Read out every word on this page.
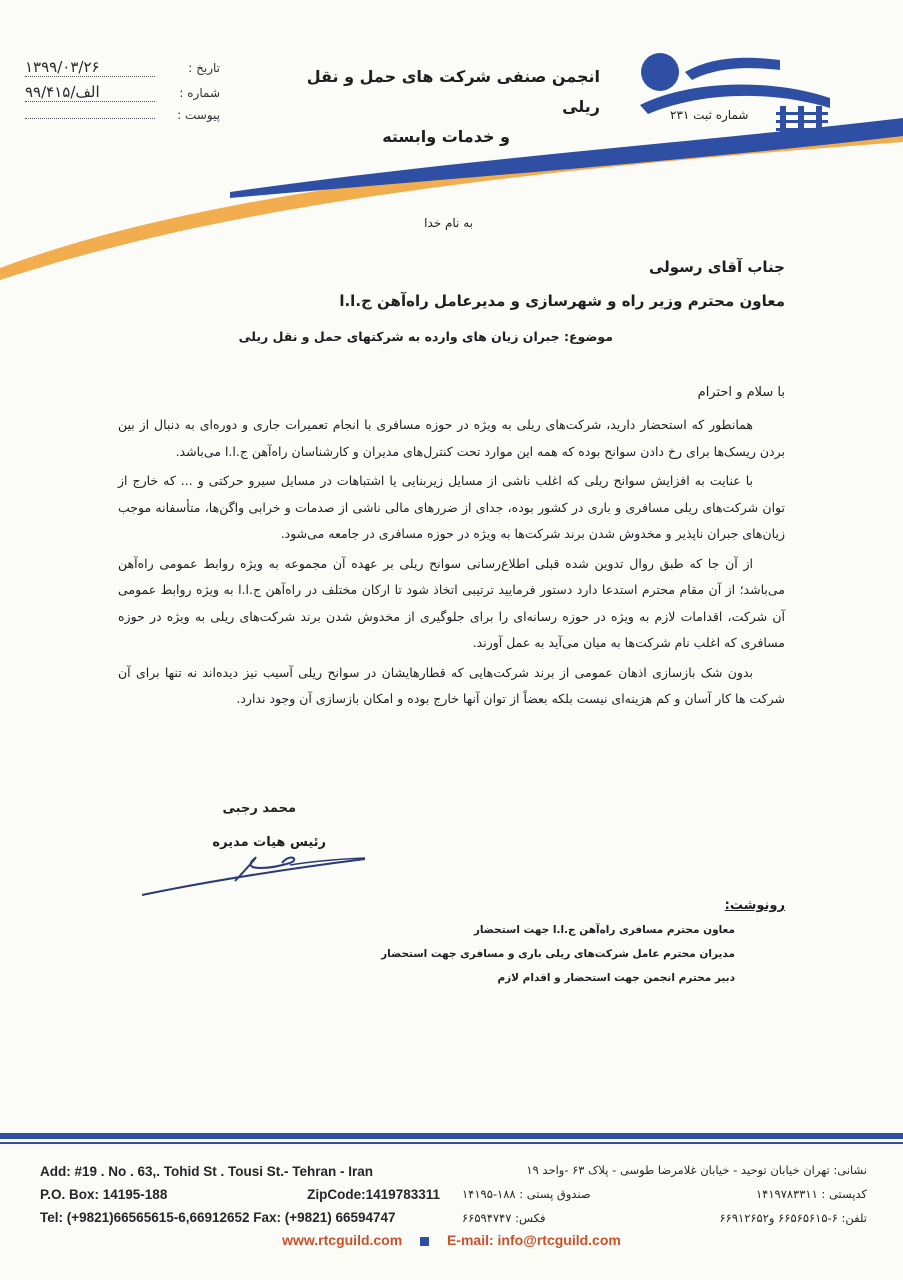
شماره ثبت ۲۳۱
انجمن صنفی شرکت های حمل و نقل ریلی
و خدمات وابسته
تاریخ :
۱۳۹۹/۰۳/۲۶
شماره :
۹۹/۴۱۵/الف
پیوست :
به نام خدا
جناب آقای رسولی
معاون محترم وزیر راه و شهرسازی و مدیرعامل راه‌آهن ج.ا.ا
موضوع: جبران زیان های وارده به شرکتهای حمل و نقل ریلی
با سلام و احترام

همانطور که استحضار دارید، شرکت‌های ریلی به ویژه در حوزه مسافری با انجام تعمیرات جاری و دوره‌ای به دنبال از بین بردن ریسک‌ها برای رخ دادن سوانح بوده که همه این موارد تحت کنترل‌های مدیران و کارشناسان راه‌آهن ج.ا.ا می‌باشد.

با عنایت به افزایش سوانح ریلی که اغلب ناشی از مسایل زیربنایی یا اشتباهات در مسایل سیرو حرکتی و ... که خارج از توان شرکت‌های ریلی مسافری و باری در کشور بوده، جدای از ضررهای مالی ناشی از صدمات و خرابی واگن‌ها، متأسفانه موجب زیان‌های جبران ناپذیر و مخدوش شدن برند شرکت‌ها به ویژه در حوزه مسافری در جامعه می‌شود.

از آن جا که طبق روال تدوین شده قبلی اطلاع‌رسانی سوانح ریلی بر عهده آن مجموعه به ویژه روابط عمومی راه‌آهن می‌باشد؛ از آن مقام محترم استدعا دارد دستور فرمایید ترتیبی اتخاذ شود تا ارکان مختلف در راه‌آهن ج.ا.ا به ویژه روابط عمومی آن شرکت، اقدامات لازم به ویژه در حوزه رسانه‌ای را برای جلوگیری از مخدوش شدن برند شرکت‌های ریلی به ویژه در حوزه مسافری که اغلب نام شرکت‌ها به میان می‌آید به عمل آورند.

بدون شک بازسازی اذهان عمومی از برند شرکت‌هایی که قطارهایشان در سوانح ریلی آسیب نیز دیده‌اند نه تنها برای آن شرکت ها کار آسان و کم هزینه‌ای نیست بلکه بعضاً از توان آنها خارج بوده و امکان بازسازی آن وجود ندارد.

محمد رجبی
رئیس هیات مدیره
رونوشت:
معاون محترم مسافری راه‌آهن ج.ا.ا جهت استحضار
مدیران محترم عامل شرکت‌های ریلی باری و مسافری جهت استحضار
دبیر محترم انجمن جهت استحضار و اقدام لازم
Add: #19 . No . 63,. Tohid St . Tousi St.- Tehran - Iran
P.O. Box: 14195-188	ZipCode:1419783311
Tel: (+9821)66565615-6,66912652 Fax: (+9821) 66594747
نشانی: تهران خیابان توحید - خیابان غلامرضا طوسی - پلاک ۶۳ -واحد ۱۹
کدپستی : ۱۴۱۹۷۸۳۳۱۱
صندوق پستی : ۱۸۸-۱۴۱۹۵
تلفن: ۶-۶۶۵۶۵۶۱۵ و۶۶۹۱۲۶۵۲
فکس: ۶۶۵۹۴۷۴۷
www.rtcguild.com	E-mail: info@rtcguild.com
